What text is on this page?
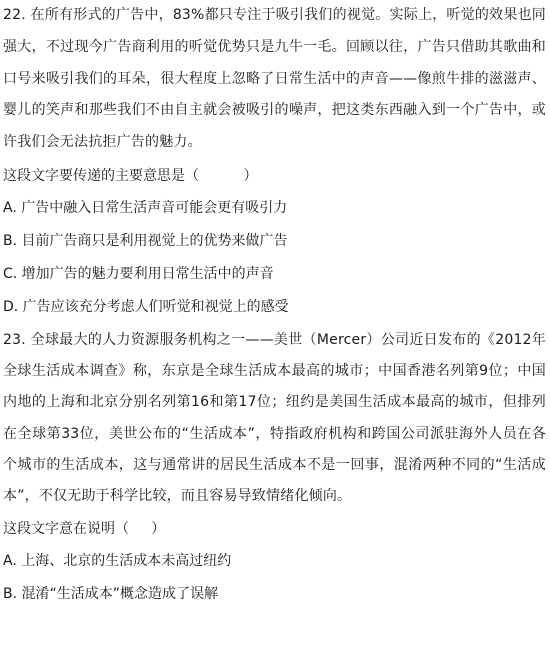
22. 在所有形式的广告中，83%都只专注于吸引我们的视觉。实际上，听觉的效果也同强大，不过现今广告商利用的听觉优势只是九牛一毛。回顾以往，广告只借助其歌曲和口号来吸引我们的耳朵，很大程度上忽略了日常生活中的声音——像煎牛排的滋滋声、婴儿的笑声和那些我们不由自主就会被吸引的噪声，把这类东西融入到一个广告中，或许我们会无法抗拒广告的魅力。

这段文字要传递的主要意思是（          ）
A. 广告中融入日常生活声音可能会更有吸引力
B. 目前广告商只是利用视觉上的优势来做广告
C. 增加广告的魅力要利用日常生活中的声音
D. 广告应该充分考虑人们听觉和视觉上的感受

23. 全球最大的人力资源服务机构之一——美世（Mercer）公司近日发布的《2012年全球生活成本调查》称，东京是全球生活成本最高的城市；中国香港名列第9位；中国内地的上海和北京分别名列第16和第17位；纽约是美国生活成本最高的城市，但排列在全球第33位，美世公布的“生活成本”，特指政府机构和跨国公司派驻海外人员在各个城市的生活成本，这与通常讲的居民生活成本不是一回事，混淆两种不同的“生活成本”，不仅无助于科学比较，而且容易导致情绪化倾向。

这段文字意在说明（     ）
A. 上海、北京的生活成本未高过纽约
B. 混淆“生活成本”概念造成了误解
